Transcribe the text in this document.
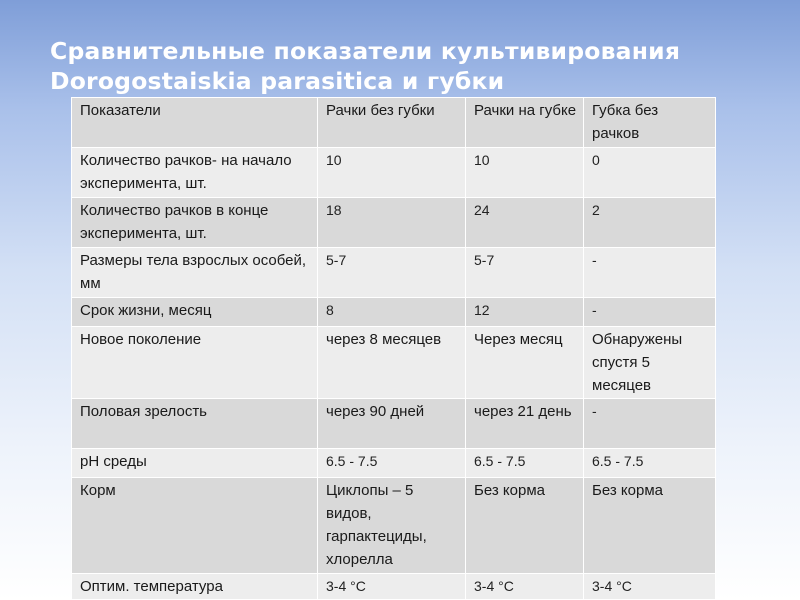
Сравнительные показатели культивирования
Dorogostaiskia parasitica и губки
Показатели	Рачки без губки	Рачки на губке	Губка без рачков
Количество рачков- на начало эксперимента, шт.	10	10	0
Количество рачков в конце эксперимента, шт.	18	24	2
Размеры тела взрослых особей, мм	5-7	5-7	-
Срок жизни, месяц	8	12	-
Новое поколение	через 8 месяцев	Через месяц	Обнаружены спустя 5 месяцев
Половая зрелость	через 90 дней	через 21 день	-
pH среды	6.5 - 7.5	6.5 - 7.5	6.5 - 7.5
Корм	Циклопы – 5 видов, гарпактециды, хлорелла	Без корма	Без корма
Оптим. температура	3-4 °С	3-4 °С	3-4 °С
